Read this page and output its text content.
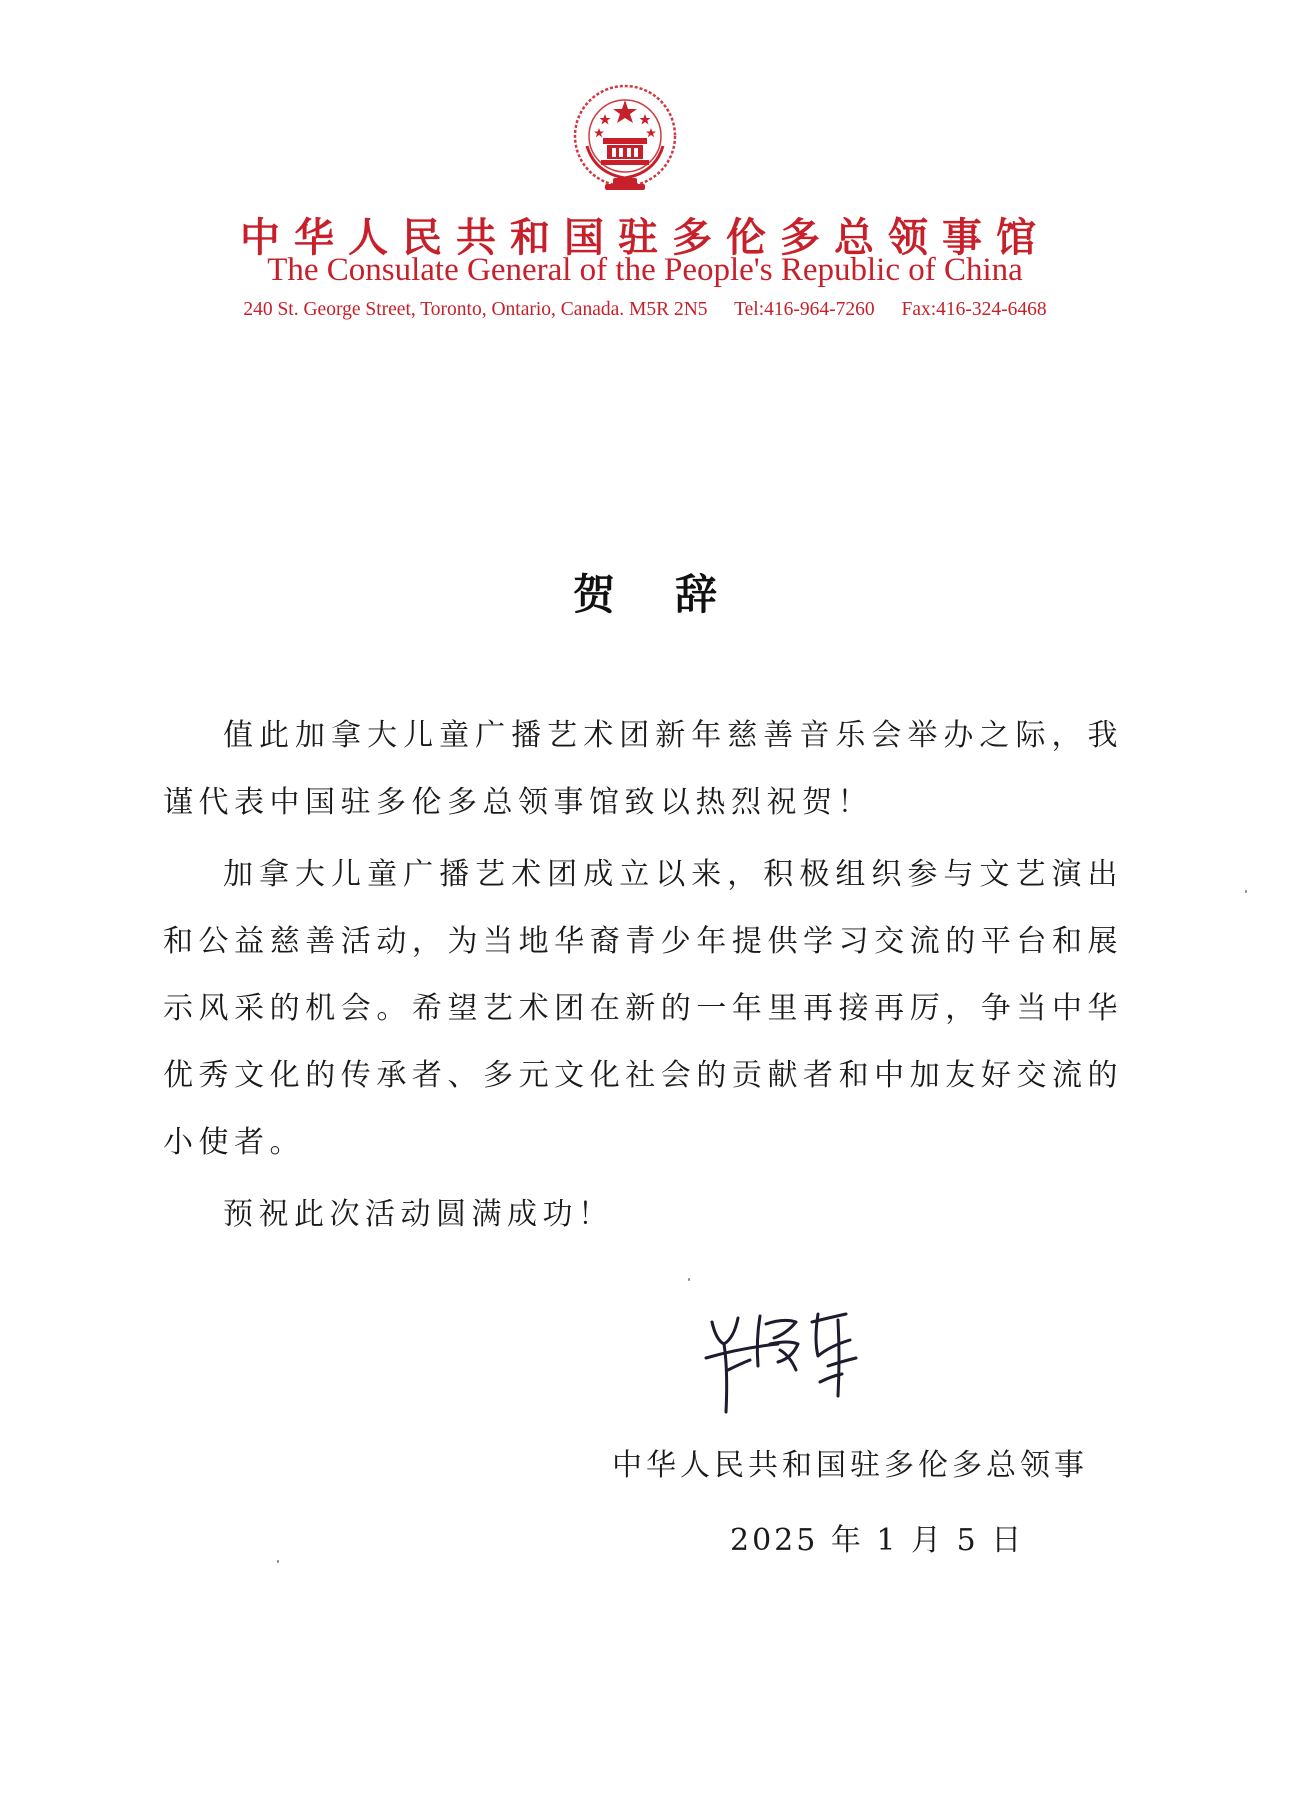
中华人民共和国驻多伦多总领事馆
The Consulate General of the People's Republic of China
240 St. George Street, Toronto, Ontario, Canada. M5R 2N5 Tel:416-964-7260 Fax:416-324-6468
贺辞

值此加拿大儿童广播艺术团新年慈善音乐会举办之际，我谨代表中国驻多伦多总领事馆致以热烈祝贺！

加拿大儿童广播艺术团成立以来，积极组织参与文艺演出和公益慈善活动，为当地华裔青少年提供学习交流的平台和展示风采的机会。希望艺术团在新的一年里再接再厉，争当中华优秀文化的传承者、多元文化社会的贡献者和中加友好交流的小使者。

预祝此次活动圆满成功！

中华人民共和国驻多伦多总领事
2025 年 1 月 5 日
